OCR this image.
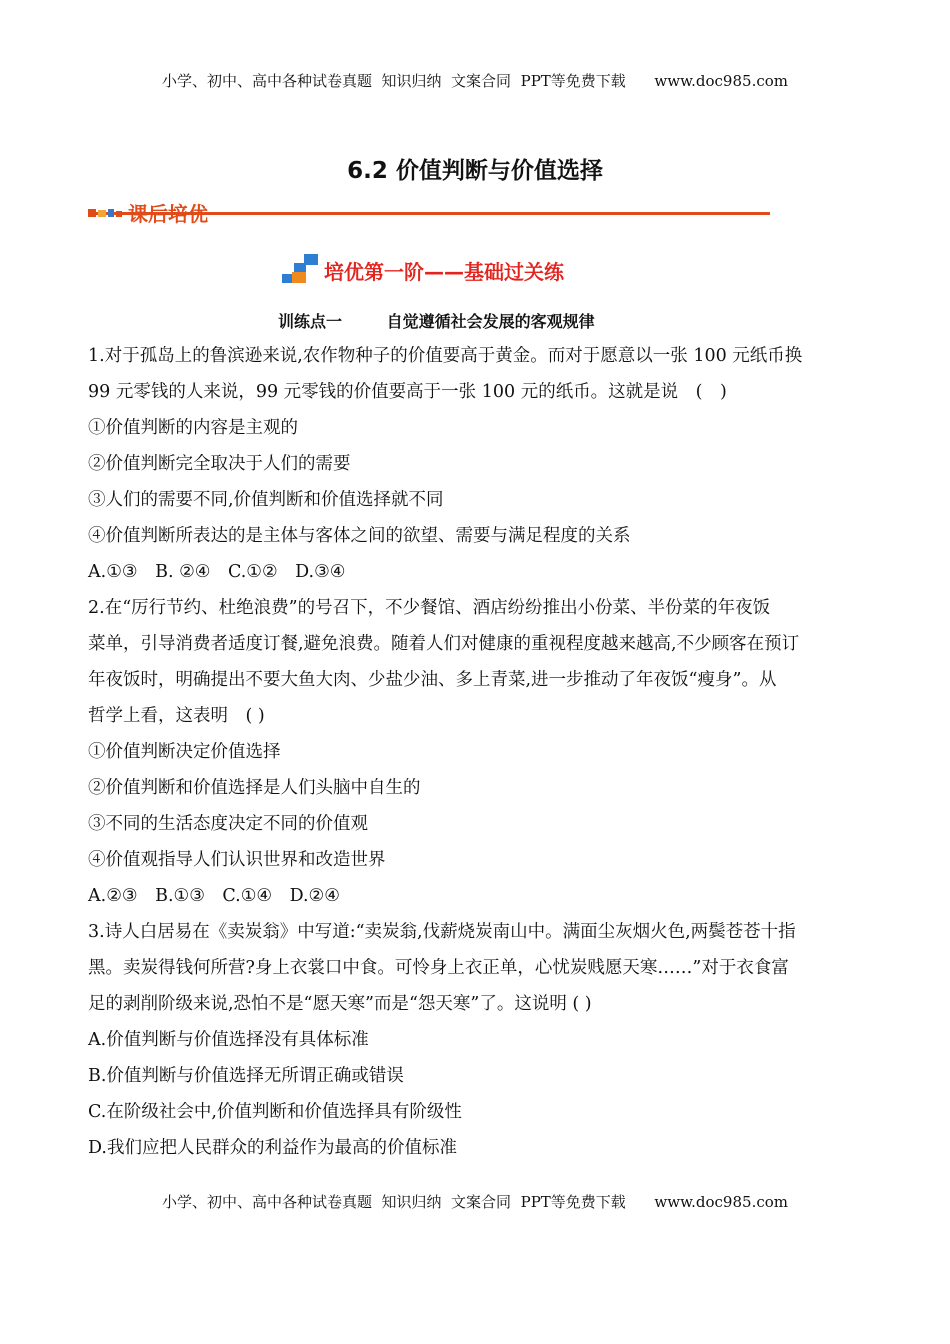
小学、初中、高中各种试卷真题  知识归纳  文案合同  PPT等免费下载      www.doc985.com
6.2 价值判断与价值选择
课后培优
培优第一阶——基础过关练
训练点一	自觉遵循社会发展的客观规律
1.对于孤岛上的鲁滨逊来说,农作物种子的价值要高于黄金。而对于愿意以一张 100 元纸币换
99 元零钱的人来说，99 元零钱的价值要高于一张 100 元的纸币。这就是说　(　)
①价值判断的内容是主观的
②价值判断完全取决于人们的需要
③人们的需要不同,价值判断和价值选择就不同
④价值判断所表达的是主体与客体之间的欲望、需要与满足程度的关系
A.①③　B. ②④　C.①②　D.③④
2.在“厉行节约、杜绝浪费”的号召下，不少餐馆、酒店纷纷推出小份菜、半份菜的年夜饭
菜单，引导消费者适度订餐,避免浪费。随着人们对健康的重视程度越来越高,不少顾客在预订
年夜饭时，明确提出不要大鱼大肉、少盐少油、多上青菜,进一步推动了年夜饭“瘦身”。从
哲学上看，这表明　( )
①价值判断决定价值选择
②价值判断和价值选择是人们头脑中自生的
③不同的生活态度决定不同的价值观
④价值观指导人们认识世界和改造世界
A.②③　B.①③　C.①④　D.②④
3.诗人白居易在《卖炭翁》中写道:“卖炭翁,伐薪烧炭南山中。满面尘灰烟火色,两鬓苍苍十指
黑。卖炭得钱何所营?身上衣裳口中食。可怜身上衣正单，心忧炭贱愿天寒……”对于衣食富
足的剥削阶级来说,恐怕不是“愿天寒”而是“怨天寒”了。这说明 ( )
A.价值判断与价值选择没有具体标准
B.价值判断与价值选择无所谓正确或错误
C.在阶级社会中,价值判断和价值选择具有阶级性
D.我们应把人民群众的利益作为最高的价值标准
小学、初中、高中各种试卷真题  知识归纳  文案合同  PPT等免费下载      www.doc985.com
